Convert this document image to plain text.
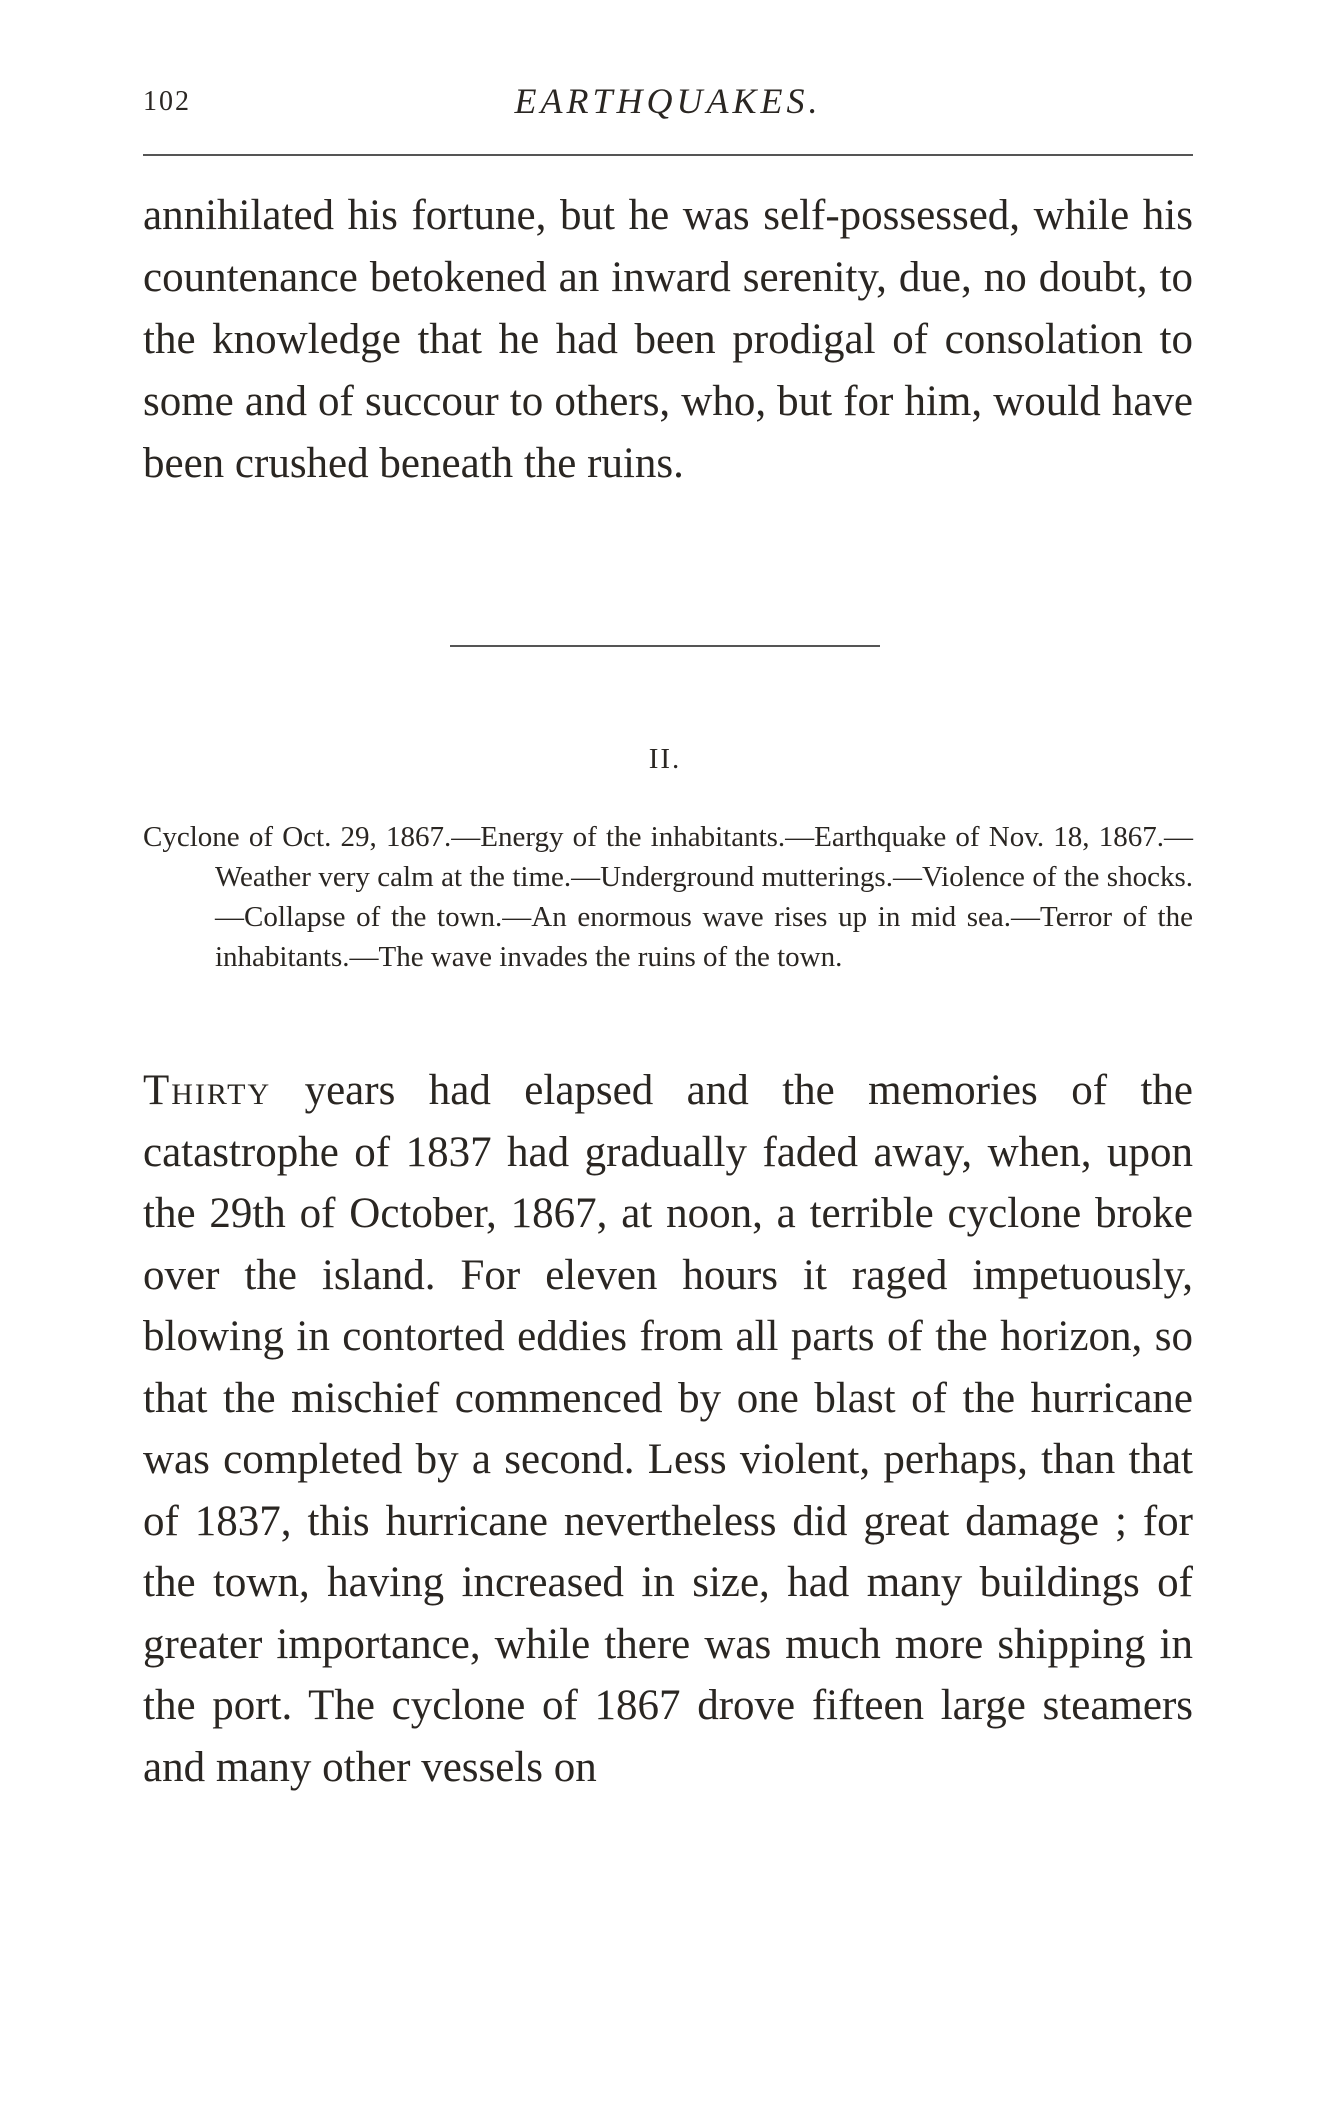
102	EARTHQUAKES.

annihilated his fortune, but he was self-possessed, while his countenance betokened an inward serenity, due, no doubt, to the knowledge that he had been prodigal of consolation to some and of succour to others, who, but for him, would have been crushed beneath the ruins.

II.

Cyclone of Oct. 29, 1867.—Energy of the inhabitants.—Earthquake of Nov. 18, 1867.—Weather very calm at the time.—Underground mutterings.—Violence of the shocks.—Collapse of the town.—An enormous wave rises up in mid sea.—Terror of the inhabitants.—The wave invades the ruins of the town.

Thirty years had elapsed and the memories of the catastrophe of 1837 had gradually faded away, when, upon the 29th of October, 1867, at noon, a terrible cyclone broke over the island. For eleven hours it raged impetuously, blowing in contorted eddies from all parts of the horizon, so that the mischief commenced by one blast of the hurricane was completed by a second. Less violent, perhaps, than that of 1837, this hurricane nevertheless did great damage ; for the town, having increased in size, had many buildings of greater importance, while there was much more shipping in the port. The cyclone of 1867 drove fifteen large steamers and many other vessels on
